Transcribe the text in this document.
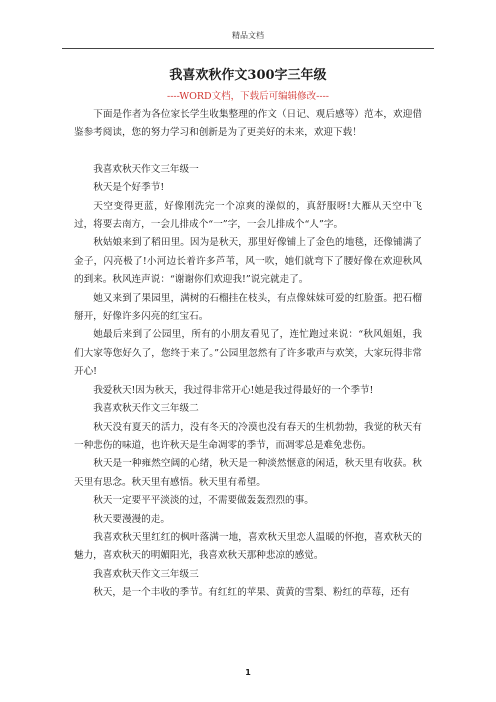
精品文档
我喜欢秋作文300字三年级
----WORD文档，下载后可编辑修改----

下面是作者为各位家长学生收集整理的作文（日记、观后感等）范本，欢迎借鉴参考阅读，您的努力学习和创新是为了更美好的未来，欢迎下载！

我喜欢秋天作文三年级一

秋天是个好季节!

天空变得更蓝，好像刚洗完一个凉爽的澡似的，真舒服呀!大雁从天空中飞过，将要去南方，一会儿排成个“一”字，一会儿排成个“人”字。

秋姑娘来到了稻田里。因为是秋天，那里好像铺上了金色的地毯，还像铺满了金子，闪亮极了!小河边长着许多芦苇，风一吹，她们就弯下了腰好像在欢迎秋风的到来。秋风连声说：“谢谢你们欢迎我!”说完就走了。

她又来到了果园里，满树的石榴挂在枝头，有点像妹妹可爱的红脸蛋。把石榴掰开，好像许多闪亮的红宝石。

她最后来到了公园里，所有的小朋友看见了，连忙跑过来说：“秋风姐姐，我们大家等您好久了，您终于来了。”公园里忽然有了许多歌声与欢笑，大家玩得非常开心!

我爱秋天!因为秋天，我过得非常开心!她是我过得最好的一个季节!

我喜欢秋天作文三年级二

秋天没有夏天的活力，没有冬天的冷漠也没有春天的生机勃勃，我觉的秋天有一种悲伤的味道，也许秋天是生命凋零的季节，而凋零总是难免悲伤。

秋天是一种雍然空阔的心绪，秋天是一种淡然惬意的闲适，秋天里有收获。秋天里有思念。秋天里有感悟。秋天里有希望。

秋天一定要平平淡淡的过，不需要做轰轰烈烈的事。

秋天要漫漫的走。

我喜欢秋天里红红的枫叶落满一地，喜欢秋天里恋人温暖的怀抱，喜欢秋天的魅力，喜欢秋天的明媚阳光，我喜欢秋天那种悲凉的感觉。

我喜欢秋天作文三年级三

秋天，是一个丰收的季节。有红红的苹果、黄黄的雪梨、粉红的草莓，还有

1
